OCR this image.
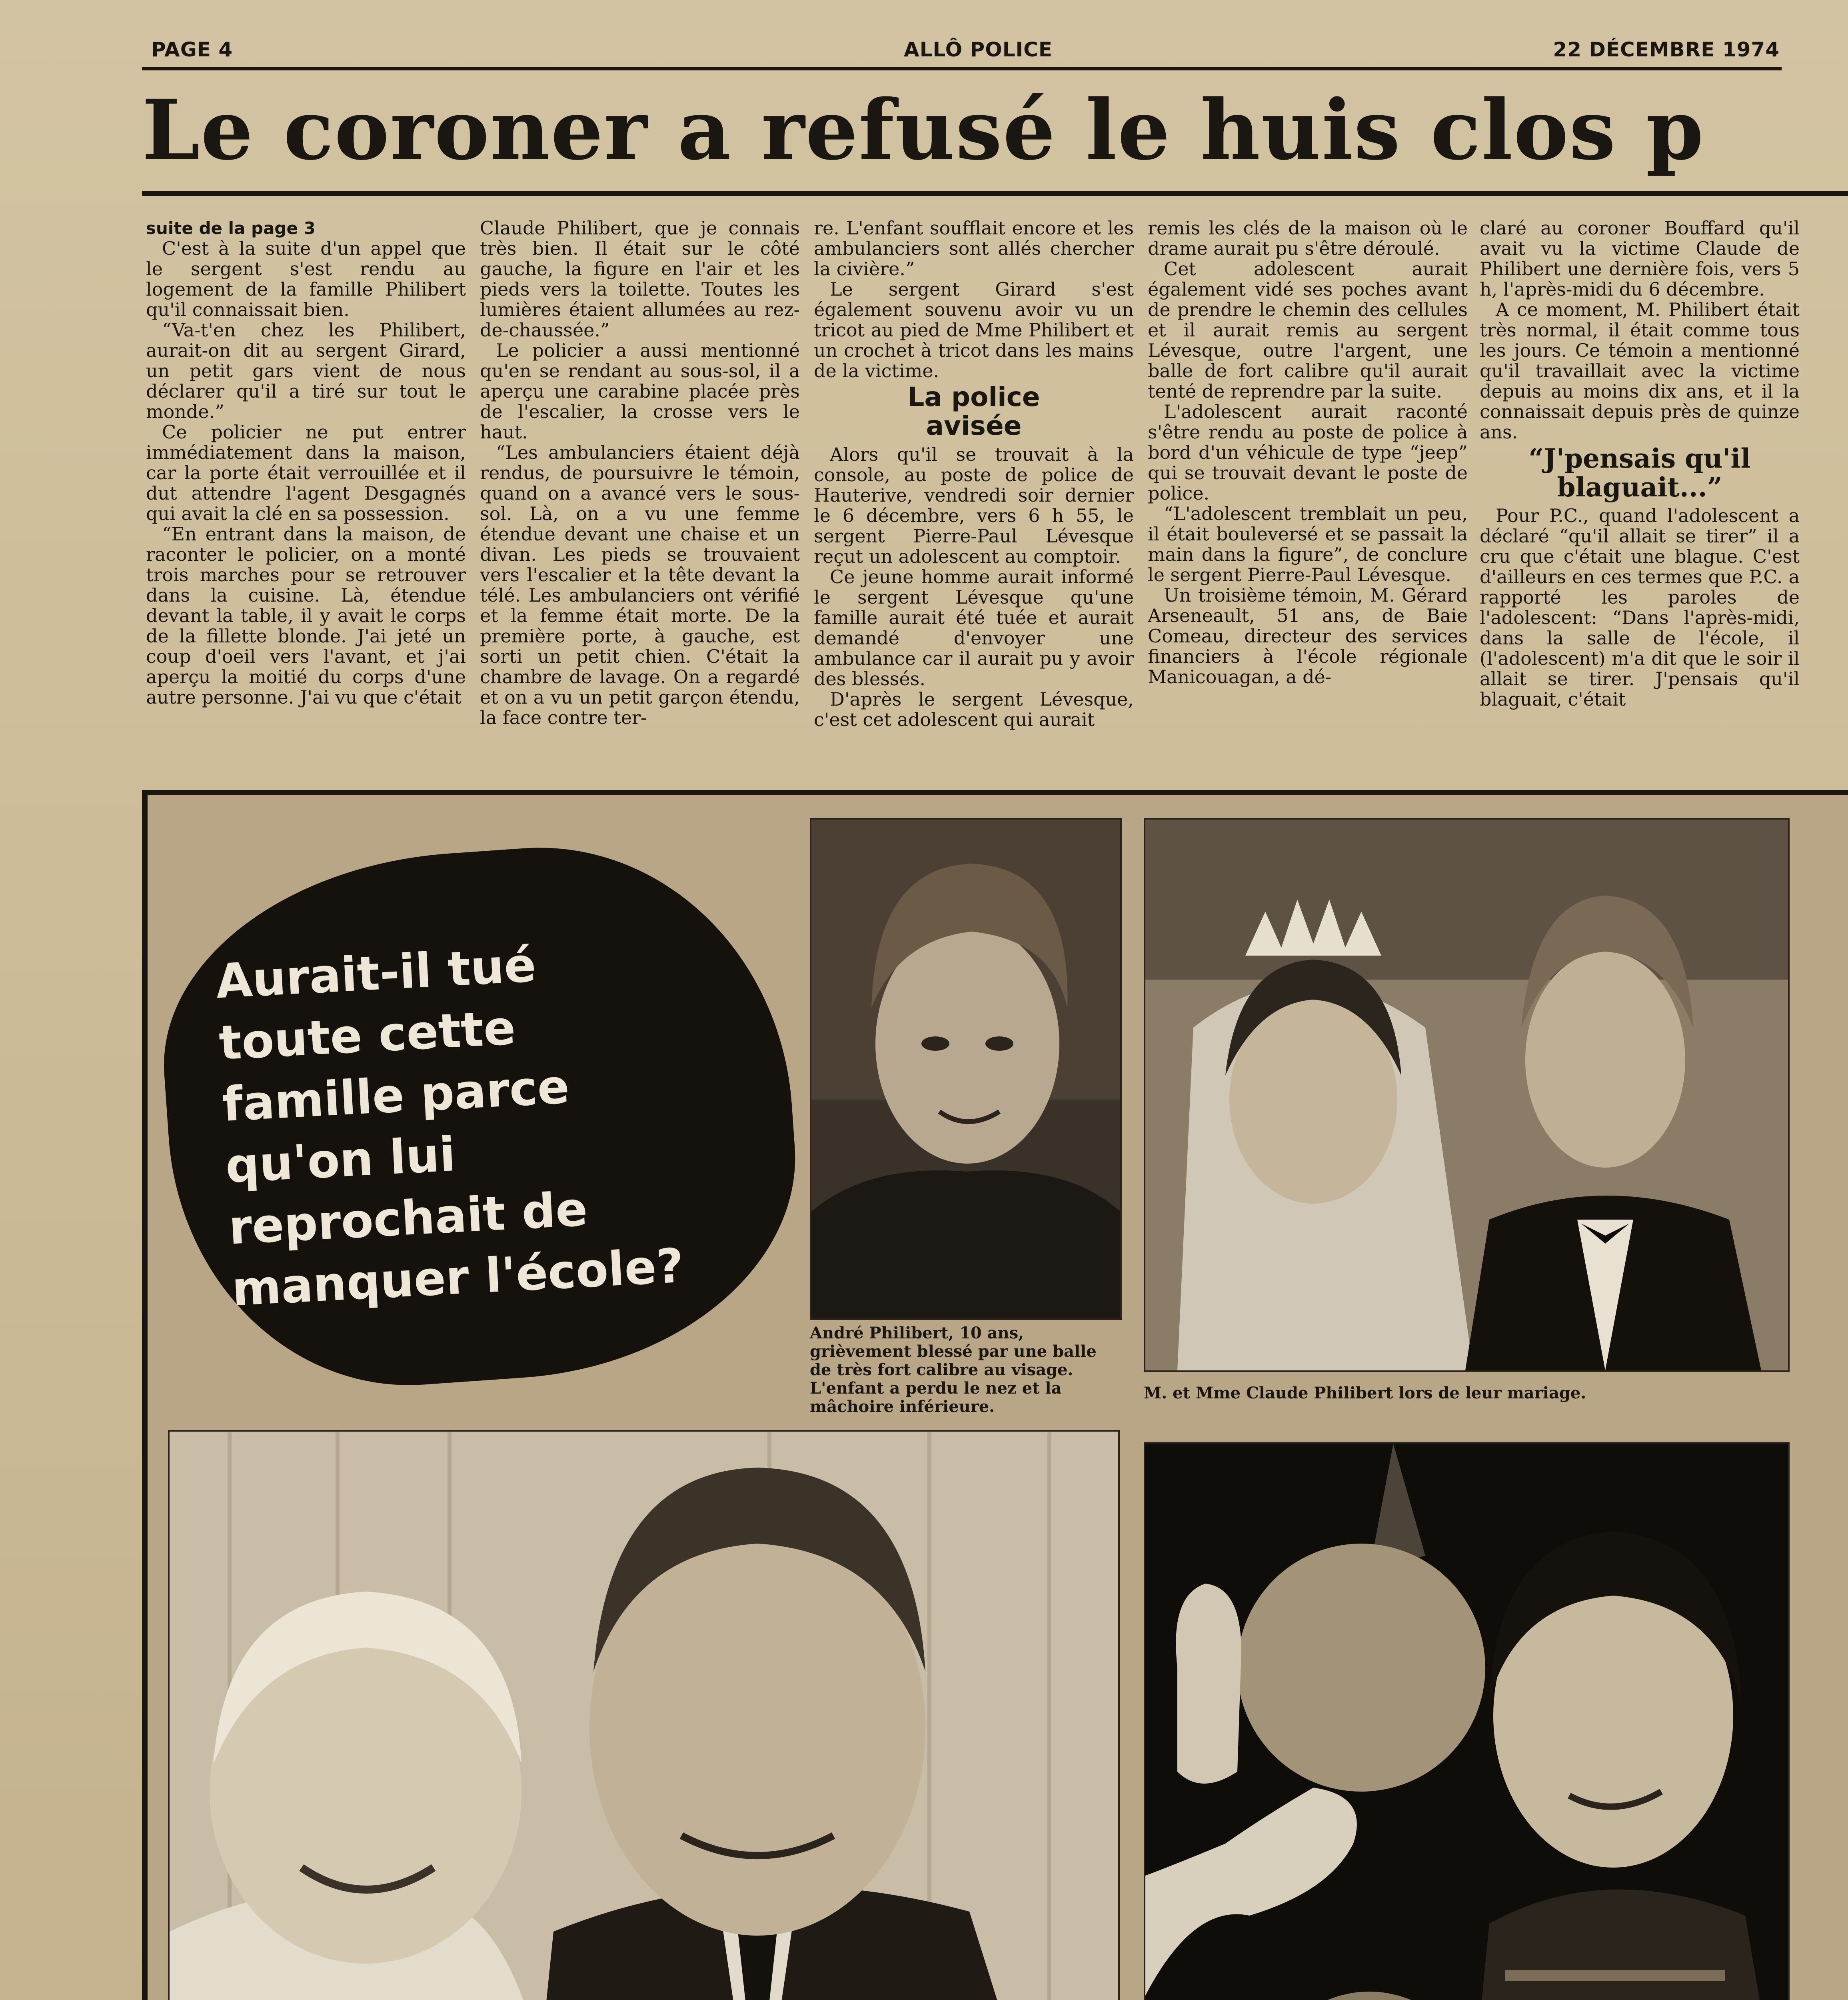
PAGE 4	ALLÔ POLICE	22 DÉCEMBRE 1974
Le coroner a refusé le huis clos p

suite de la page 3

C'est à la suite d'un appel que le sergent s'est rendu au logement de la famille Philibert qu'il connaissait bien.

“Va-t'en chez les Philibert, aurait-on dit au sergent Girard, un petit gars vient de nous déclarer qu'il a tiré sur tout le monde.”

Ce policier ne put entrer immédiatement dans la maison, car la porte était verrouillée et il dut attendre l'agent Desgagnés qui avait la clé en sa possession.

“En entrant dans la maison, de raconter le policier, on a monté trois marches pour se retrouver dans la cuisine. Là, étendue devant la table, il y avait le corps de la fillette blonde. J'ai jeté un coup d'oeil vers l'avant, et j'ai aperçu la moitié du corps d'une autre personne. J'ai vu que c'était

Claude Philibert, que je connais très bien. Il était sur le côté gauche, la figure en l'air et les pieds vers la toilette. Toutes les lumières étaient allumées au rez-de-chaussée.”

Le policier a aussi mentionné qu'en se rendant au sous-sol, il a aperçu une carabine placée près de l'escalier, la crosse vers le haut.

“Les ambulanciers étaient déjà rendus, de poursuivre le témoin, quand on a avancé vers le sous-sol. Là, on a vu une femme étendue devant une chaise et un divan. Les pieds se trouvaient vers l'escalier et la tête devant la télé. Les ambulanciers ont vérifié et la femme était morte. De la première porte, à gauche, est sorti un petit chien. C'était la chambre de lavage. On a regardé et on a vu un petit garçon étendu, la face contre ter-

re. L'enfant soufflait encore et les ambulanciers sont allés chercher la civière.”

Le sergent Girard s'est également souvenu avoir vu un tricot au pied de Mme Philibert et un crochet à tricot dans les mains de la victime.

La police
avisée

Alors qu'il se trouvait à la console, au poste de police de Hauterive, vendredi soir dernier le 6 décembre, vers 6 h 55, le sergent Pierre-Paul Lévesque reçut un adolescent au comptoir.

Ce jeune homme aurait informé le sergent Lévesque qu'une famille aurait été tuée et aurait demandé d'envoyer une ambulance car il aurait pu y avoir des blessés.

D'après le sergent Lévesque, c'est cet adolescent qui aurait

remis les clés de la maison où le drame aurait pu s'être déroulé.

Cet adolescent aurait également vidé ses poches avant de prendre le chemin des cellules et il aurait remis au sergent Lévesque, outre l'argent, une balle de fort calibre qu'il aurait tenté de reprendre par la suite.

L'adolescent aurait raconté s'être rendu au poste de police à bord d'un véhicule de type “jeep” qui se trouvait devant le poste de police.

“L'adolescent tremblait un peu, il était bouleversé et se passait la main dans la figure”, de conclure le sergent Pierre-Paul Lévesque.

Un troisième témoin, M. Gérard Arseneault, 51 ans, de Baie Comeau, directeur des services financiers à l'école régionale Manicouagan, a dé-

claré au coroner Bouffard qu'il avait vu la victime Claude de Philibert une dernière fois, vers 5 h, l'après-midi du 6 décembre.

A ce moment, M. Philibert était très normal, il était comme tous les jours. Ce témoin a mentionné qu'il travaillait avec la victime depuis au moins dix ans, et il la connaissait depuis près de quinze ans.

“J'pensais qu'il
blaguait...”

Pour P.C., quand l'adolescent a déclaré “qu'il allait se tirer” il a cru que c'était une blague. C'est d'ailleurs en ces termes que P.C. a rapporté les paroles de l'adolescent: “Dans l'après-midi, dans la salle de l'école, il (l'adolescent) m'a dit que le soir il allait se tirer. J'pensais qu'il blaguait, c'était

Aurait-il tué
toute cette
famille parce
qu'on lui
reprochait de
manquer l'école?

André Philibert, 10 ans, grièvement blessé par une balle de très fort calibre au visage. L'enfant a perdu le nez et la mâchoire inférieure.

M. et Mme Claude Philibert lors de leur mariage.
